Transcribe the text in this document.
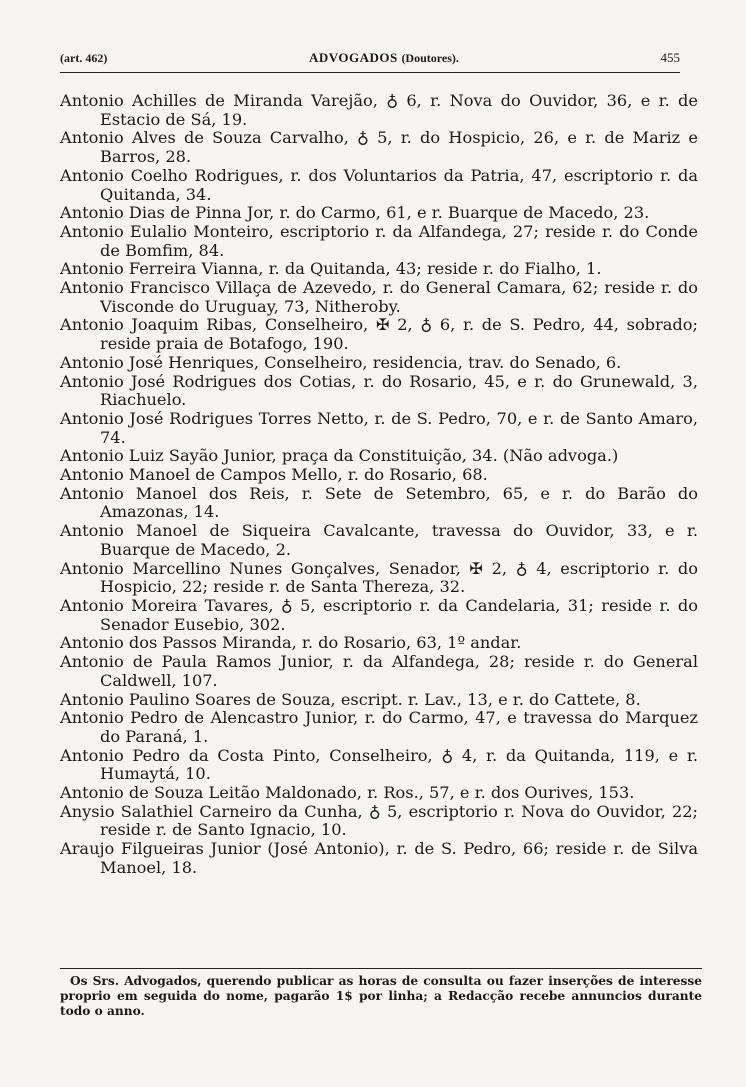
(art. 462)	ADVOGADOS (Doutores).	455

Antonio Achilles de Miranda Varejão, ♁ 6, r. Nova do Ouvidor, 36, e r. de Estacio de Sá, 19.

Antonio Alves de Souza Carvalho, ♁ 5, r. do Hospicio, 26, e r. de Mariz e Barros, 28.

Antonio Coelho Rodrigues, r. dos Voluntarios da Patria, 47, escriptorio r. da Quitanda, 34.

Antonio Dias de Pinna Jor, r. do Carmo, 61, e r. Buarque de Macedo, 23.

Antonio Eulalio Monteiro, escriptorio r. da Alfandega, 27; reside r. do Conde de Bomfim, 84.

Antonio Ferreira Vianna, r. da Quitanda, 43; reside r. do Fialho, 1.

Antonio Francisco Villaça de Azevedo, r. do General Camara, 62; reside r. do Visconde do Uruguay, 73, Nitheroby.

Antonio Joaquim Ribas, Conselheiro, ✠ 2, ♁ 6, r. de S. Pedro, 44, sobrado; reside praia de Botafogo, 190.

Antonio José Henriques, Conselheiro, residencia, trav. do Senado, 6.

Antonio José Rodrigues dos Cotias, r. do Rosario, 45, e r. do Grunewald, 3, Riachuelo.

Antonio José Rodrigues Torres Netto, r. de S. Pedro, 70, e r. de Santo Amaro, 74.

Antonio Luiz Sayão Junior, praça da Constituição, 34. (Não advoga.)

Antonio Manoel de Campos Mello, r. do Rosario, 68.

Antonio Manoel dos Reis, r. Sete de Setembro, 65, e r. do Barão do Amazonas, 14.

Antonio Manoel de Siqueira Cavalcante, travessa do Ouvidor, 33, e r. Buarque de Macedo, 2.

Antonio Marcellino Nunes Gonçalves, Senador, ✠ 2, ♁ 4, escriptorio r. do Hospicio, 22; reside r. de Santa Thereza, 32.

Antonio Moreira Tavares, ♁ 5, escriptorio r. da Candelaria, 31; reside r. do Senador Eusebio, 302.

Antonio dos Passos Miranda, r. do Rosario, 63, 1º andar.

Antonio de Paula Ramos Junior, r. da Alfandega, 28; reside r. do General Caldwell, 107.

Antonio Paulino Soares de Souza, escript. r. Lav., 13, e r. do Cattete, 8.

Antonio Pedro de Alencastro Junior, r. do Carmo, 47, e travessa do Marquez do Paraná, 1.

Antonio Pedro da Costa Pinto, Conselheiro, ♁ 4, r. da Quitanda, 119, e r. Humaytá, 10.

Antonio de Souza Leitão Maldonado, r. Ros., 57, e r. dos Ourives, 153.

Anysio Salathiel Carneiro da Cunha, ♁ 5, escriptorio r. Nova do Ouvidor, 22; reside r. de Santo Ignacio, 10.

Araujo Filgueiras Junior (José Antonio), r. de S. Pedro, 66; reside r. de Silva Manoel, 18.

Os Srs. Advogados, querendo publicar as horas de consulta ou fazer inserções de interesse proprio em seguida do nome, pagarão 1$ por linha; a Redacção recebe annuncios durante todo o anno.
